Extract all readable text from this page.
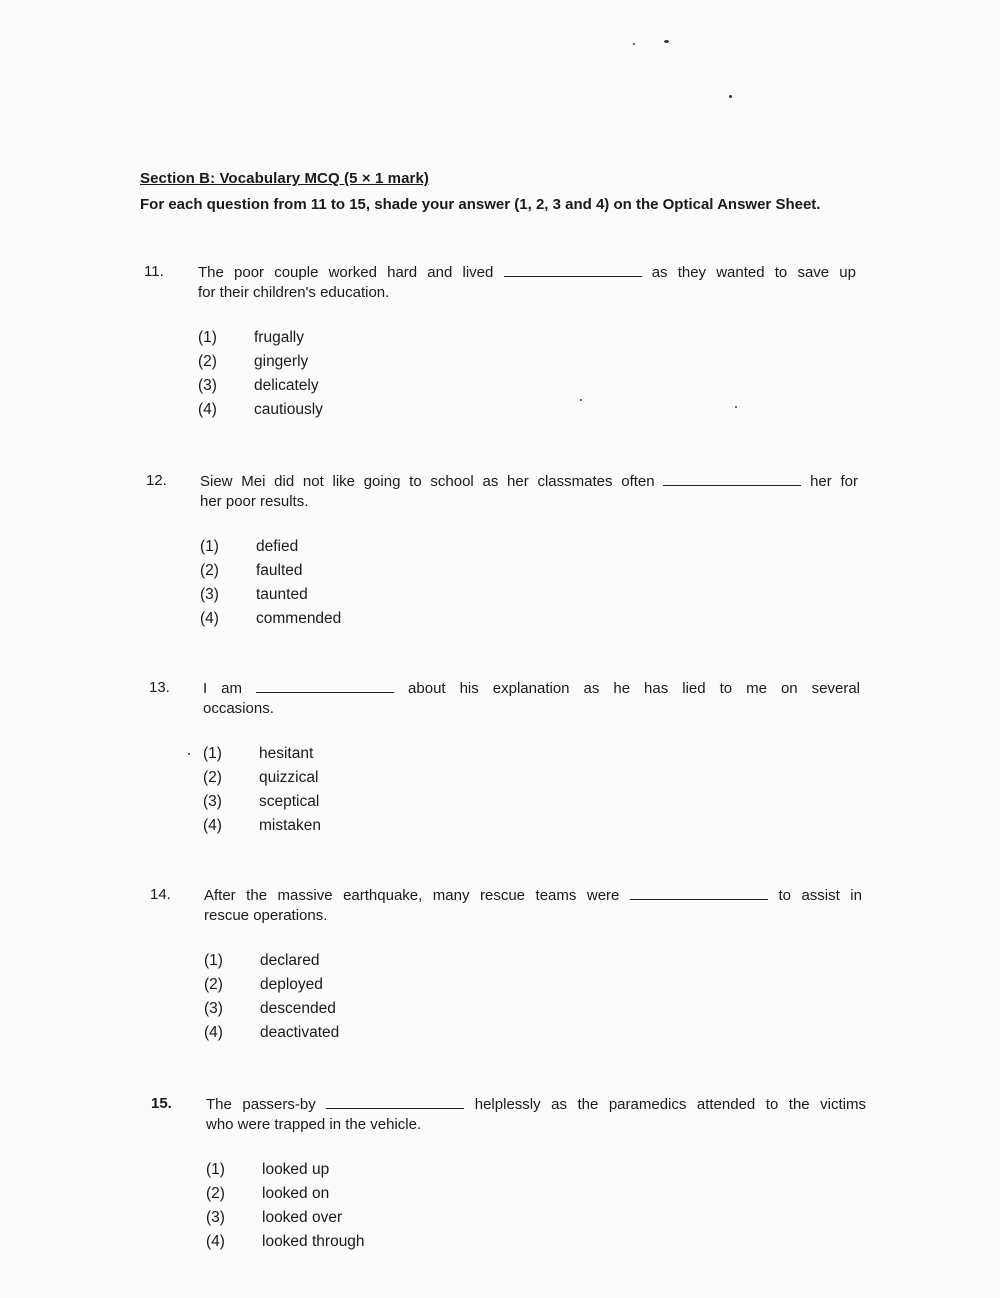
Section B: Vocabulary MCQ (5 × 1 mark)
For each question from 11 to 15, shade your answer (1, 2, 3 and 4) on the Optical Answer Sheet.
11. The poor couple worked hard and lived	as they wanted to save up
for their children's education.
(1) frugally
(2) gingerly
(3) delicately
(4) cautiously
12. Siew Mei did not like going to school as her classmates often	her for
her poor results.
(1) defied
(2) faulted
(3) taunted
(4) commended
13. I am	about his explanation as he has lied to me on several
occasions.
(1) hesitant
(2) quizzical
(3) sceptical
(4) mistaken
14. After the massive earthquake, many rescue teams were	to assist in
rescue operations.
(1) declared
(2) deployed
(3) descended
(4) deactivated
15. The passers-by	helplessly as the paramedics attended to the victims
who were trapped in the vehicle.
(1) looked up
(2) looked on
(3) looked over
(4) looked through
